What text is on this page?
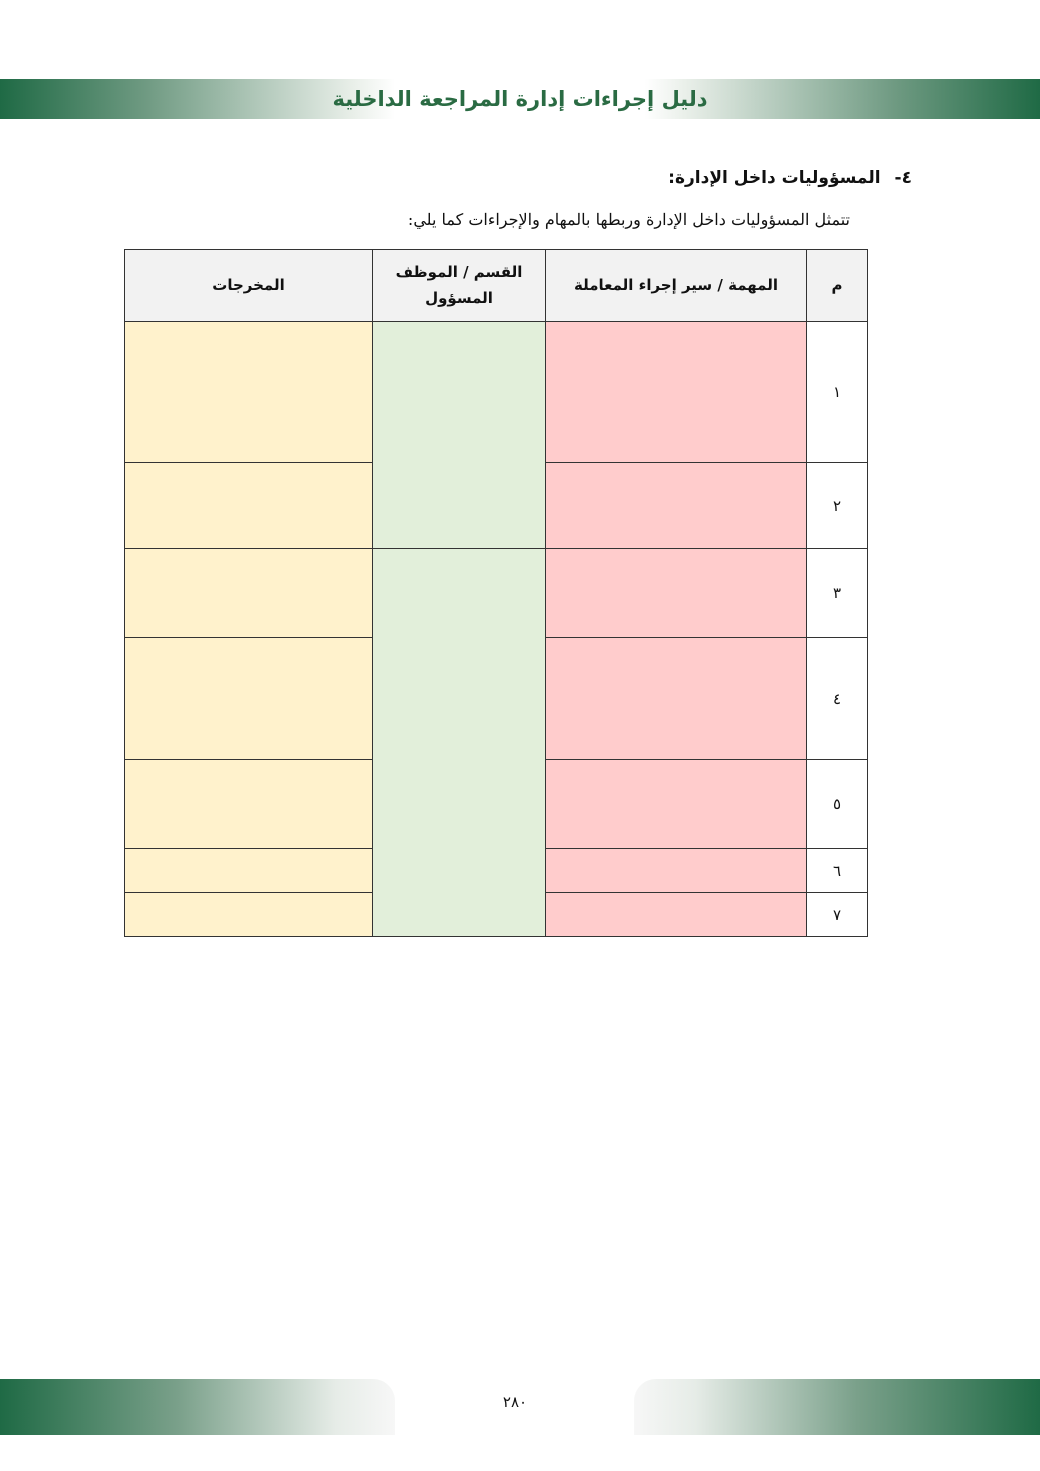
دليل إجراءات إدارة المراجعة الداخلية
٤-المسؤوليات داخل الإدارة:
تتمثل المسؤوليات داخل الإدارة وربطها بالمهام والإجراءات كما يلي:
م	المهمة / سير إجراء المعاملة	القسم / الموظف المسؤول	المخرجات
١			
٢			
٣			
٤			
٥			
٦			
٧			
٢٨٠
